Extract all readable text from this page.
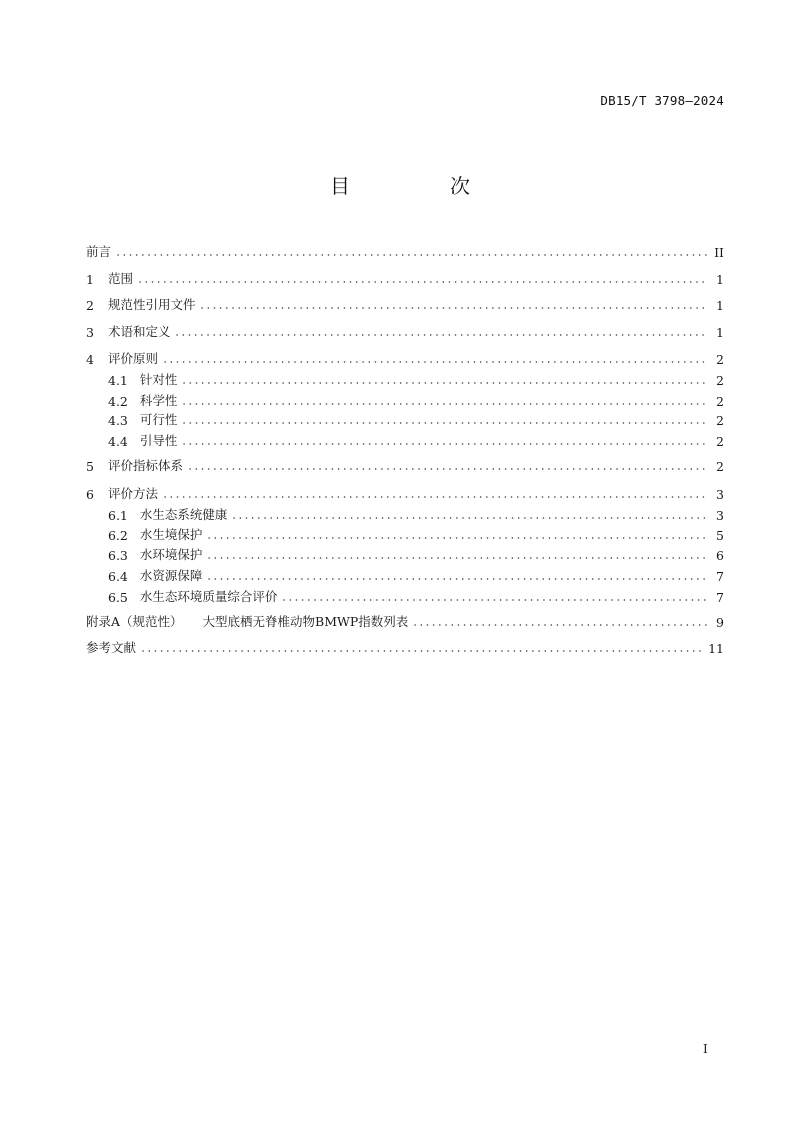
DB15/T 3798—2024
目　次
前言	II
1 范围	1
2 规范性引用文件	1
3 术语和定义	1
4 评价原则	2
4.1 针对性	2
4.2 科学性	2
4.3 可行性	2
4.4 引导性	2
5 评价指标体系	2
6 评价方法	3
6.1 水生态系统健康	3
6.2 水生境保护	5
6.3 水环境保护	6
6.4 水资源保障	7
6.5 水生态环境质量综合评价	7
附录A（规范性） 大型底栖无脊椎动物BMWP指数列表	9
参考文献	11
I
